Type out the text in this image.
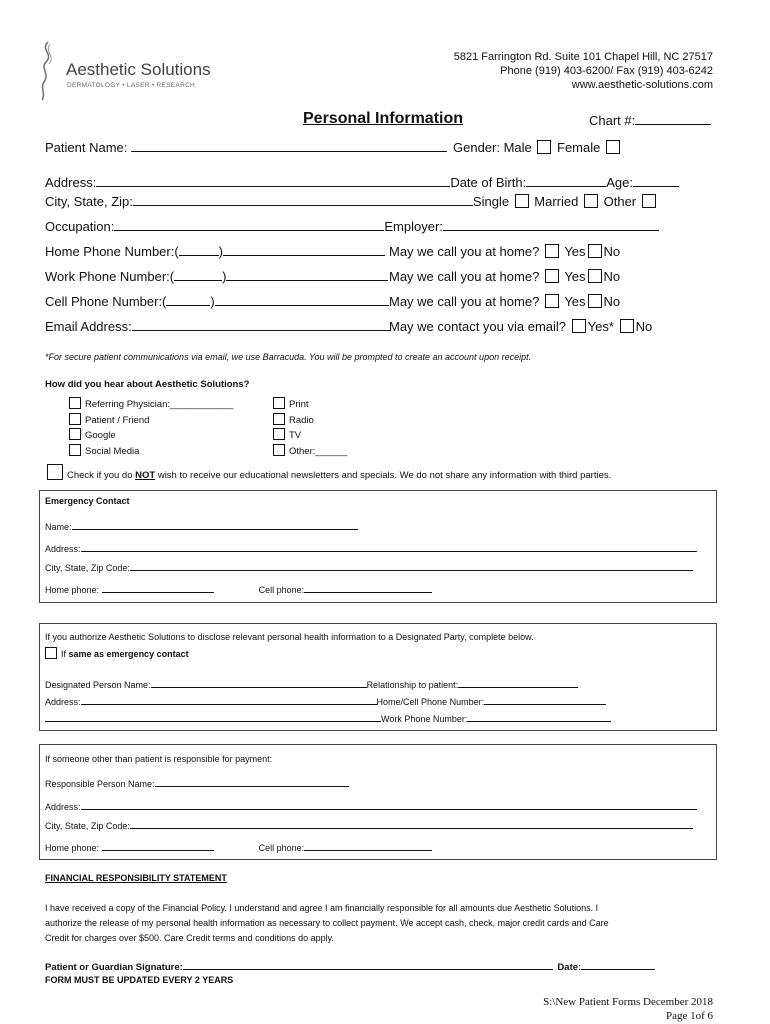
Aesthetic Solutions
DERMATOLOGY • LASER • RESEARCH
5821 Farrington Rd. Suite 101 Chapel Hill, NC 27517
Phone (919) 403-6200/ Fax (919) 403-6242
www.aesthetic-solutions.com
Personal Information	Chart #:
Patient Name:	Gender: Male Female
Address:	Date of Birth:	Age:
City, State, Zip:	Single Married Other
Occupation:	Employer:
Home Phone Number:(	)	May we call you at home? Yes No
Work Phone Number:(	)	May we call you at home? Yes No
Cell Phone Number:(	)	May we call you at home? Yes No
Email Address:	May we contact you via email? Yes* No
*For secure patient communications via email, we use Barracuda. You will be prompted to create an account upon receipt.
How did you hear about Aesthetic Solutions?
Referring Physician:____________
Patient / Friend
Google
Social Media
Print
Radio
TV
Other:______
Check if you do NOT wish to receive our educational newsletters and specials. We do not share any information with third parties.
Emergency Contact
Name:
Address:
City, State, Zip Code:
Home phone:	Cell phone:
If you authorize Aesthetic Solutions to disclose relevant personal health information to a Designated Party, complete below.
If same as emergency contact
Designated Person Name:	Relationship to patient:
Address:	Home/Cell Phone Number:
Work Phone Number:
If someone other than patient is responsible for payment:
Responsible Person Name:
Address:
City, State, Zip Code:
Home phone:	Cell phone:
FINANCIAL RESPONSIBILITY STATEMENT
I have received a copy of the Financial Policy. I understand and agree I am financially responsible for all amounts due Aesthetic Solutions. I
authorize the release of my personal health information as necessary to collect payment. We accept cash, check, major credit cards and Care
Credit for charges over $500. Care Credit terms and conditions do apply.
Patient or Guardian Signature:	Date:
FORM MUST BE UPDATED EVERY 2 YEARS
S:\New Patient Forms December 2018
Page 1of 6
